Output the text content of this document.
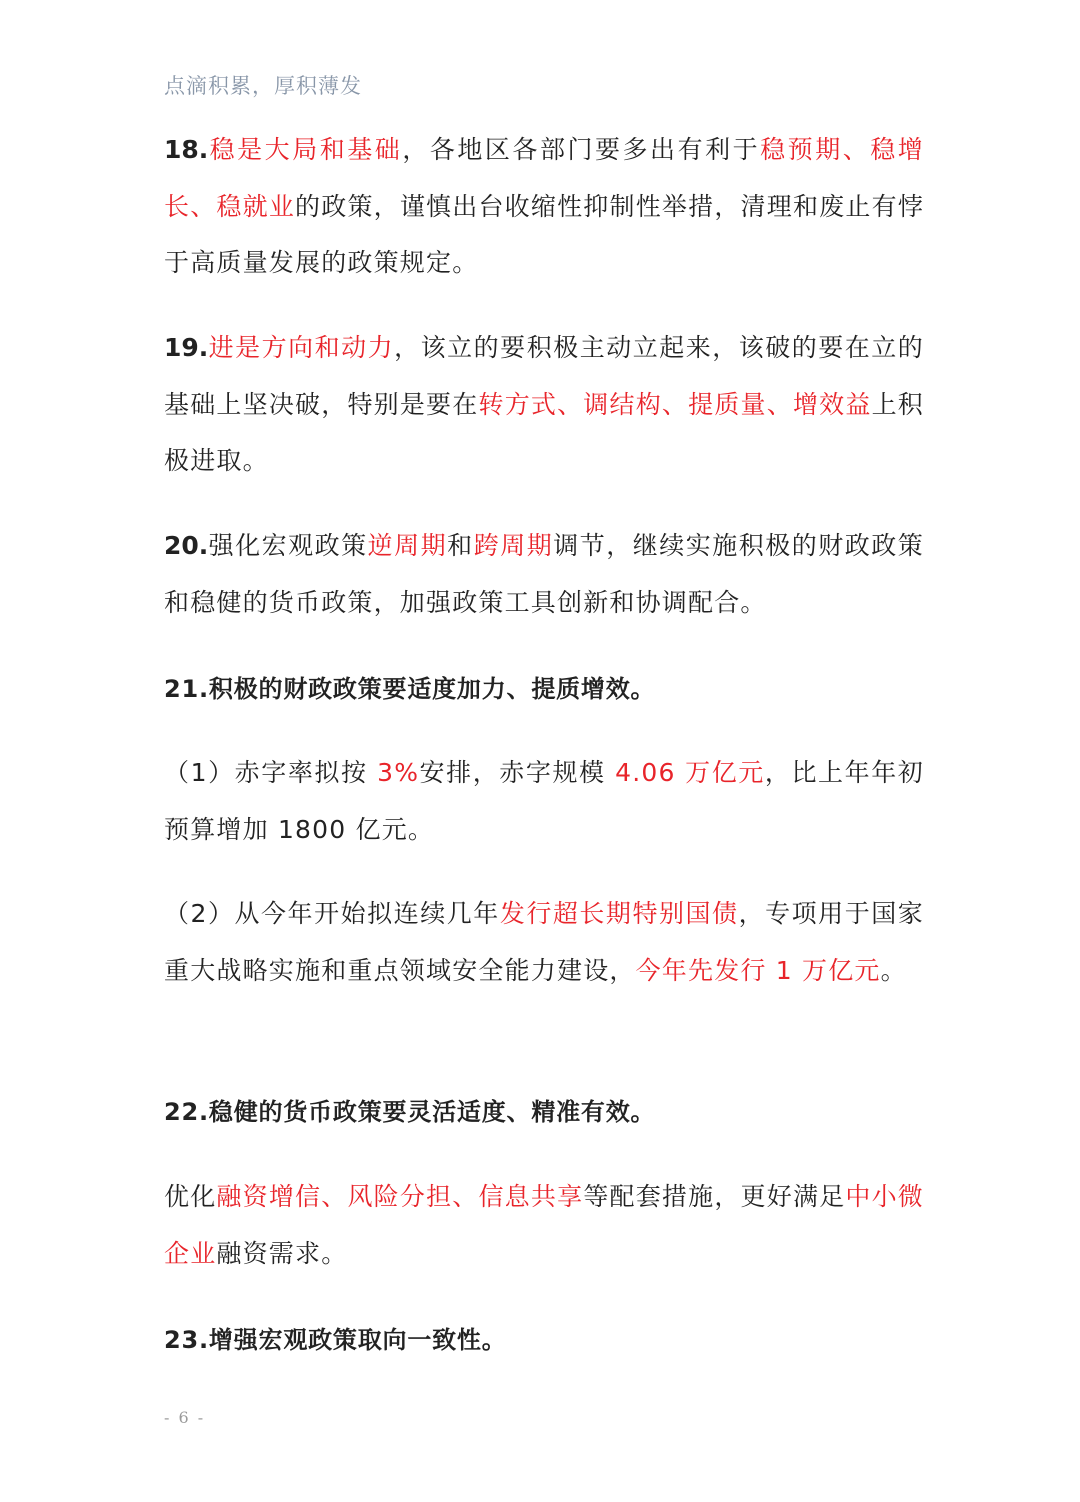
点滴积累，厚积薄发

18.稳是大局和基础，各地区各部门要多出有利于稳预期、稳增长、稳就业的政策，谨慎出台收缩性抑制性举措，清理和废止有悖于高质量发展的政策规定。

19.进是方向和动力，该立的要积极主动立起来，该破的要在立的基础上坚决破，特别是要在转方式、调结构、提质量、增效益上积极进取。

20.强化宏观政策逆周期和跨周期调节，继续实施积极的财政政策和稳健的货币政策，加强政策工具创新和协调配合。

21.积极的财政政策要适度加力、提质增效。

（1）赤字率拟按 3%安排，赤字规模 4.06 万亿元，比上年年初预算增加 1800 亿元。

（2）从今年开始拟连续几年发行超长期特别国债，专项用于国家重大战略实施和重点领域安全能力建设，今年先发行 1 万亿元。

22.稳健的货币政策要灵活适度、精准有效。

优化融资增信、风险分担、信息共享等配套措施，更好满足中小微企业融资需求。

23.增强宏观政策取向一致性。
- 6 -
